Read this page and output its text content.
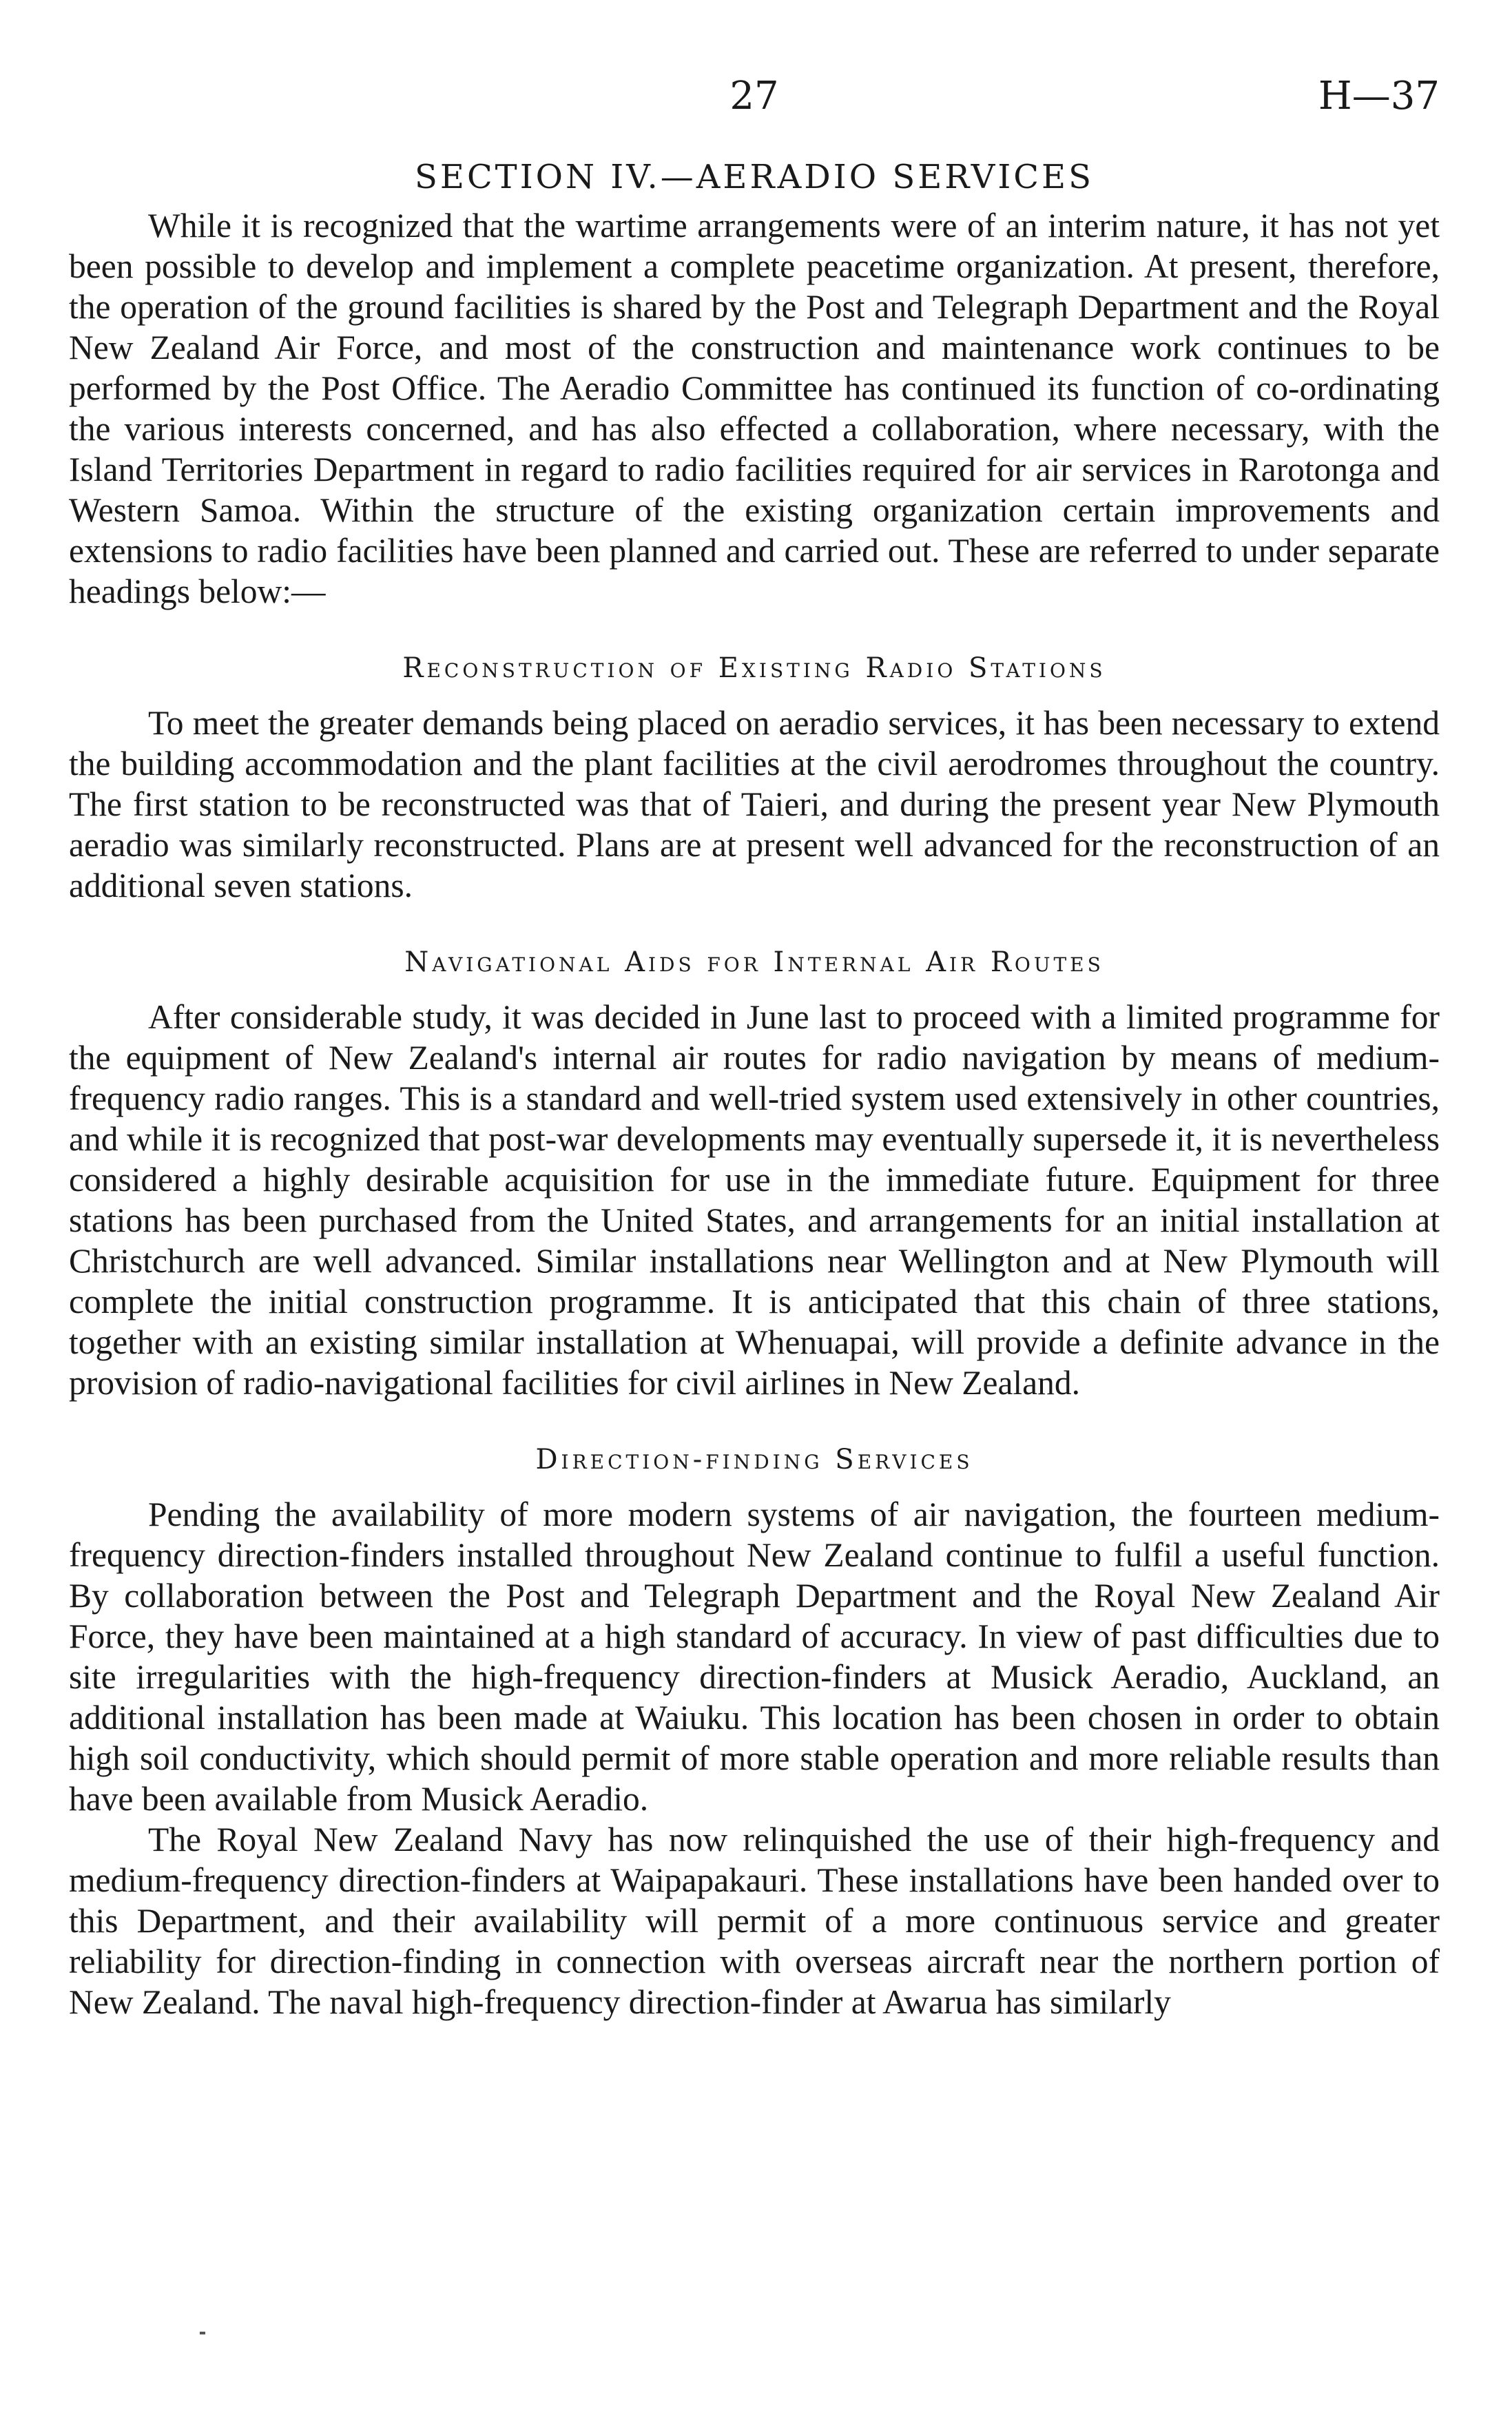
27	H—37
SECTION IV.—AERADIO SERVICES

While it is recognized that the wartime arrangements were of an interim nature, it has not yet been possible to develop and implement a complete peacetime organization. At present, therefore, the operation of the ground facilities is shared by the Post and Telegraph Department and the Royal New Zealand Air Force, and most of the construction and maintenance work continues to be performed by the Post Office. The Aeradio Committee has continued its function of co-ordinating the various interests concerned, and has also effected a collaboration, where necessary, with the Island Territories Department in regard to radio facilities required for air services in Rarotonga and Western Samoa. Within the structure of the existing organization certain improvements and extensions to radio facilities have been planned and carried out. These are referred to under separate headings below:—

Reconstruction of Existing Radio Stations

To meet the greater demands being placed on aeradio services, it has been necessary to extend the building accommodation and the plant facilities at the civil aerodromes throughout the country. The first station to be reconstructed was that of Taieri, and during the present year New Plymouth aeradio was similarly reconstructed. Plans are at present well advanced for the reconstruction of an additional seven stations.

Navigational Aids for Internal Air Routes

After considerable study, it was decided in June last to proceed with a limited programme for the equipment of New Zealand's internal air routes for radio navigation by means of medium-frequency radio ranges. This is a standard and well-tried system used extensively in other countries, and while it is recognized that post-war developments may eventually supersede it, it is nevertheless considered a highly desirable acquisition for use in the immediate future. Equipment for three stations has been purchased from the United States, and arrangements for an initial installation at Christchurch are well advanced. Similar installations near Wellington and at New Plymouth will complete the initial construction programme. It is anticipated that this chain of three stations, together with an existing similar installation at Whenuapai, will provide a definite advance in the provision of radio-navigational facilities for civil airlines in New Zealand.

Direction-finding Services

Pending the availability of more modern systems of air navigation, the fourteen medium-frequency direction-finders installed throughout New Zealand continue to fulfil a useful function. By collaboration between the Post and Telegraph Department and the Royal New Zealand Air Force, they have been maintained at a high standard of accuracy. In view of past difficulties due to site irregularities with the high-frequency direction-finders at Musick Aeradio, Auckland, an additional installation has been made at Waiuku. This location has been chosen in order to obtain high soil conductivity, which should permit of more stable operation and more reliable results than have been available from Musick Aeradio.

The Royal New Zealand Navy has now relinquished the use of their high-frequency and medium-frequency direction-finders at Waipapakauri. These installations have been handed over to this Department, and their availability will permit of a more continuous service and greater reliability for direction-finding in connection with overseas aircraft near the northern portion of New Zealand. The naval high-frequency direction-finder at Awarua has similarly
